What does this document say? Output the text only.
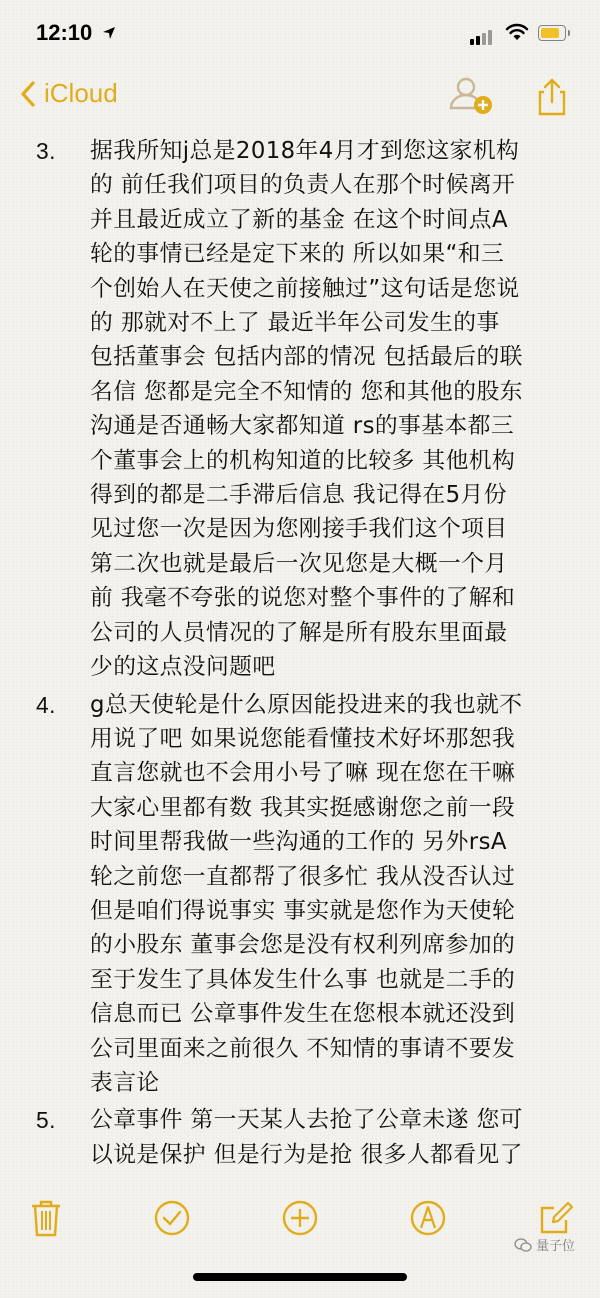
12:10
iCloud
3.	据我所知j总是2018年4月才到您这家机构
的 前任我们项目的负责人在那个时候离开
并且最近成立了新的基金 在这个时间点A
轮的事情已经是定下来的 所以如果“和三
个创始人在天使之前接触过”这句话是您说
的 那就对不上了 最近半年公司发生的事
包括董事会 包括内部的情况 包括最后的联
名信 您都是完全不知情的 您和其他的股东
沟通是否通畅大家都知道 rs的事基本都三
个董事会上的机构知道的比较多 其他机构
得到的都是二手滞后信息 我记得在5月份
见过您一次是因为您刚接手我们这个项目
第二次也就是最后一次见您是大概一个月
前 我毫不夸张的说您对整个事件的了解和
公司的人员情况的了解是所有股东里面最
少的这点没问题吧
4.	g总天使轮是什么原因能投进来的我也就不
用说了吧 如果说您能看懂技术好坏那恕我
直言您就也不会用小号了嘛 现在您在干嘛
大家心里都有数 我其实挺感谢您之前一段
时间里帮我做一些沟通的工作的 另外rsA
轮之前您一直都帮了很多忙 我从没否认过
但是咱们得说事实 事实就是您作为天使轮
的小股东 董事会您是没有权利列席参加的
至于发生了具体发生什么事 也就是二手的
信息而已 公章事件发生在您根本就还没到
公司里面来之前很久 不知情的事请不要发
表言论
5.	公章事件 第一天某人去抢了公章未遂 您可
以说是保护 但是行为是抢 很多人都看见了
量子位
